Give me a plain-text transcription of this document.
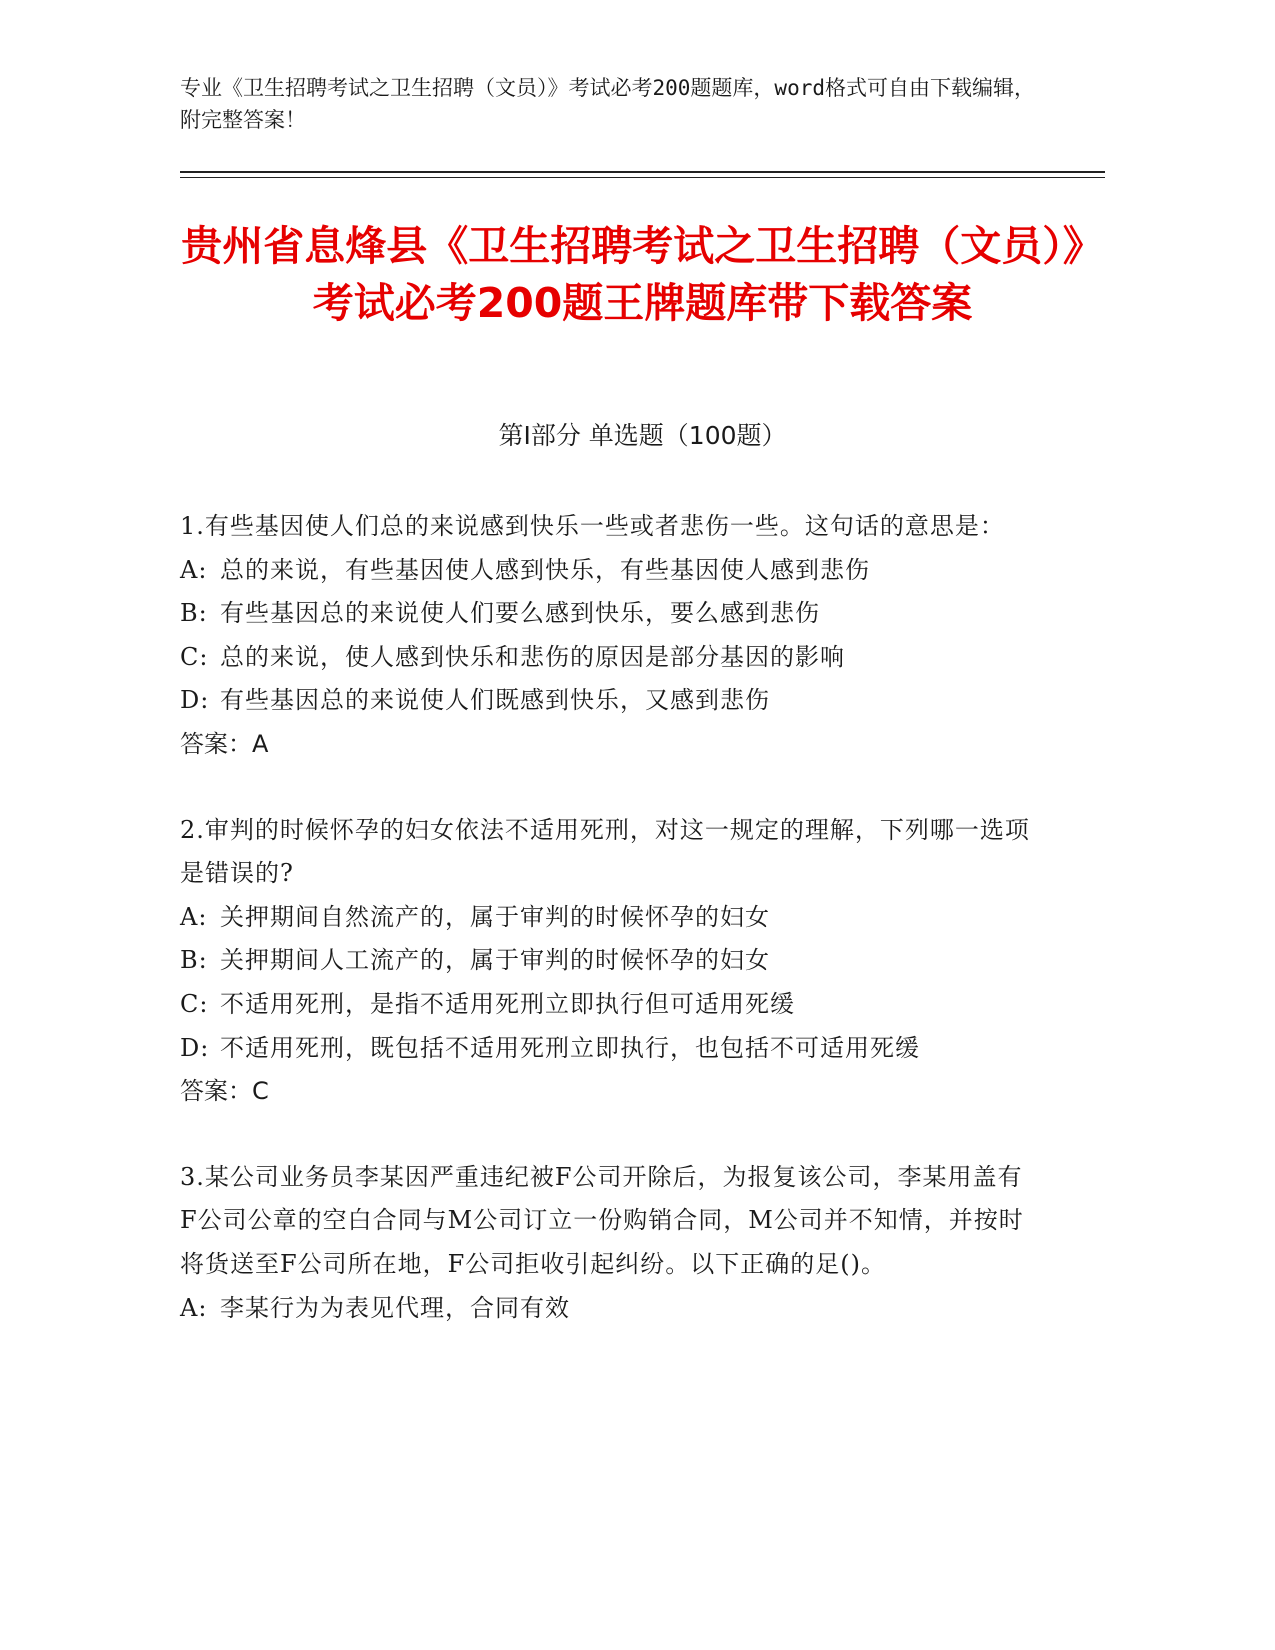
专业《卫生招聘考试之卫生招聘（文员）》考试必考200题题库，word格式可自由下载编辑，附完整答案！
贵州省息烽县《卫生招聘考试之卫生招聘（文员）》考试必考200题王牌题库带下载答案
第I部分 单选题（100题）
1.有些基因使人们总的来说感到快乐一些或者悲伤一些。这句话的意思是：
A: 总的来说，有些基因使人感到快乐，有些基因使人感到悲伤
B: 有些基因总的来说使人们要么感到快乐，要么感到悲伤
C: 总的来说，使人感到快乐和悲伤的原因是部分基因的影响
D: 有些基因总的来说使人们既感到快乐，又感到悲伤
答案：A
2.审判的时候怀孕的妇女依法不适用死刑，对这一规定的理解，下列哪一选项是错误的?
A: 关押期间自然流产的，属于审判的时候怀孕的妇女
B: 关押期间人工流产的，属于审判的时候怀孕的妇女
C: 不适用死刑，是指不适用死刑立即执行但可适用死缓
D: 不适用死刑，既包括不适用死刑立即执行，也包括不可适用死缓
答案：C
3.某公司业务员李某因严重违纪被F公司开除后，为报复该公司，李某用盖有F公司公章的空白合同与M公司订立一份购销合同，M公司并不知情，并按时将货送至F公司所在地，F公司拒收引起纠纷。以下正确的足()。
A: 李某行为为表见代理，合同有效
